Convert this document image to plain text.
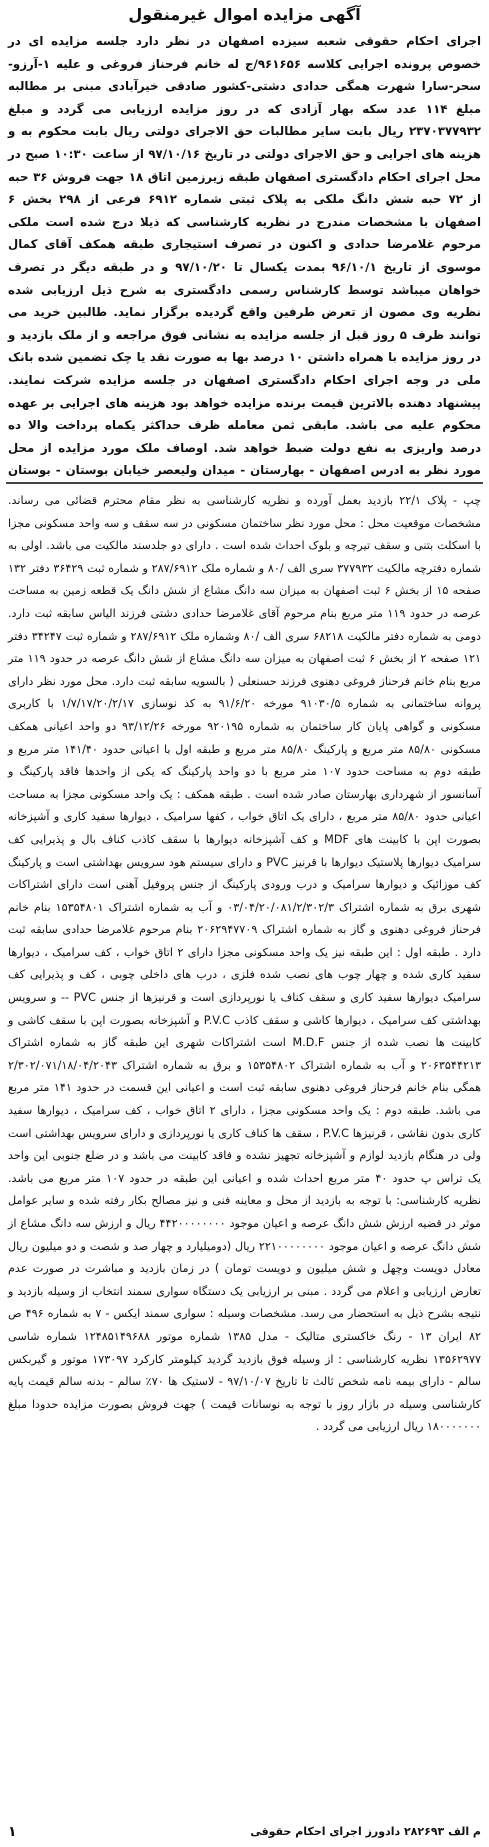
آگهی مزایده اموال غیرمنقول
اجرای احکام حقوقی شعبه سیزده اصفهان در نظر دارد جلسه مزایده ای در خصوص پرونده اجرایی کلاسه ۹۶۱۶۵۶/ج له خانم فرحناز فروغی و علیه ۱-آرزو-سحر-سارا شهرت همگی حدادی دشتی-کشور صادقی خیرآبادی مبنی بر مطالبه مبلغ ۱۱۴ عدد سکه بهار آزادی که در روز مزایده ارزیابی می گردد و مبلغ ۲۳۷۰۳۷۷۹۳۲ ریال بابت سایر مطالبات حق الاجرای دولتی ریال بابت محکوم به و هزینه های اجرایی و حق الاجرای دولتی در تاریخ ۹۷/۱۰/۱۶ از ساعت ۱۰:۳۰ صبح در محل اجرای احکام دادگستری اصفهان طبقه زیرزمین اتاق ۱۸ جهت فروش ۳۶ حبه از ۷۲ حبه شش دانگ ملکی به پلاک ثبتی شماره ۶۹۱۲ فرعی از ۲۹۸ بخش ۶ اصفهان با مشخصات مندرج در نظریه کارشناسی که ذیلا درج شده است ملکی مرحوم غلامرضا حدادی و اکنون در تصرف استیجاری طبقه همکف آقای کمال موسوی از تاریخ ۹۶/۱۰/۱ بمدت یکسال تا ۹۷/۱۰/۲۰ و در طبقه دیگر در تصرف خواهان میباشد توسط کارشناس رسمی دادگستری به شرح ذیل ارزیابی شده نظریه وی مصون از تعرض طرفین واقع گردیده برگزار نماید. طالبین خرید می توانند ظرف ۵ روز قبل از جلسه مزایده به نشانی فوق مراجعه و از ملک بازدید و در روز مزایده با همراه داشتن ۱۰ درصد بها به صورت نقد یا چک تضمین شده بانک ملی در وجه اجرای احکام دادگستری اصفهان در جلسه مزایده شرکت نمایند. پیشنهاد دهنده بالاترین قیمت برنده مزایده خواهد بود هزینه های اجرایی بر عهده محکوم علیه می باشد. مابقی ثمن معامله ظرف حداکثر یکماه پرداخت والا ده درصد واریزی به نفع دولت ضبط خواهد شد. اوصاف ملک مورد مزایده از محل مورد نظر به ادرس اصفهان - بهارستان - میدان ولیعصر خیابان بوستان - بوستان
چپ - پلاک ۲۲/۱ بازدید بعمل آورده و نظریه کارشناسی به نظر مقام محترم قضائی می رساند. مشخصات موقعیت محل : محل مورد نظر ساختمان مسکونی در سه سقف و سه واحد مسکونی مجزا با اسکلت بتنی و سقف تیرچه و بلوک احداث شده است . دارای دو جلدسند مالکیت می باشد. اولی به شماره دفترچه مالکیت ۳۷۷۹۳۲ سری الف /۸۰ و شماره ملک ۲۸۷/۶۹۱۲ و شماره ثبت ۳۶۴۲۹ دفتر ۱۳۲ صفحه ۱۵ از بخش ۶ ثبت اصفهان به میزان سه دانگ مشاع از شش دانگ یک قطعه زمین به مساحت عرصه در حدود ۱۱۹ متر مربع بنام مرحوم آقای غلامرضا حدادی دشتی فرزند الیاس سابقه ثبت دارد. دومی به شماره دفتر مالکیت ۶۸۲۱۸ سری الف /۸۰ وشماره ملک ۲۸۷/۶۹۱۲ و شماره ثبت ۳۴۲۴۷ دفتر ۱۲۱ صفحه ۲ از بخش ۶ ثبت اصفهان به میزان سه دانگ مشاع از شش دانگ عرصه در حدود ۱۱۹ متر مربع بنام خانم فرحناز فروغی دهنوی فرزند حسنعلی ( بالسویه سابقه ثبت دارد. محل مورد نظر دارای پروانه ساختمانی به شماره ۹۱۰۳۰/۵ مورخه ۹۱/۶/۲۰ به کد نوسازی ۱/۷/۱۷/۲۰/۲/۱۷ با کاربری مسکونی و گواهی پایان کار ساختمان به شماره ۹۲۰۱۹۵ مورخه ۹۳/۱۲/۲۶ دو واحد اعیانی همکف مسکونی ۸۵/۸۰ متر مربع و پارکینگ ۸۵/۸۰ متر مربع و طبقه اول با اعیانی حدود ۱۴۱/۴۰ متر مربع و طبقه دوم به مساحت حدود ۱۰۷ متر مربع با دو واحد پارکینگ که یکی از واحدها فاقد پارکینگ و آسانسور از شهرداری بهارستان صادر شده است . طبقه همکف : یک واحد مسکونی مجزا به مساحت اعیانی حدود ۸۵/۸۰ متر مربع ، دارای یک اتاق خواب ، کفها سرامیک ، دیوارها سفید کاری و آشپزخانه بصورت اپن با کابینت های MDF و کف آشپزخانه دیوارها با سقف کاذب کناف بال و پذیرایی کف سرامیک دیوارها پلاستیک دیوارها با قرنیز PVC و دارای سیستم هود سرویس بهداشتی است و پارکینگ کف موزائیک و دیوارها سرامیک و درب ورودی پارکینگ از جنس پروفیل آهنی است دارای اشتراکات شهری برق به شماره اشتراک ۰۳/۰۴/۲۰/۰۸۱/۲/۳۰۲/۳ و آب به شماره اشتراک ۱۵۳۵۴۸۰۱ بنام خانم فرحناز فروغی دهنوی و گاز به شماره اشتراک ۲۰۶۲۹۴۷۷۰۹ بنام مرحوم غلامرضا حدادی سابقه ثبت دارد . طبقه اول : این طبقه نیز یک واحد مسکونی مجزا دارای ۲ اتاق خواب ، کف سرامیک ، دیوارها سفید کاری شده و چهار چوب های نصب شده فلزی ، درب های داخلی چوبی ، کف و پذیرایی کف سرامیک دیوارها سفید کاری و سقف کناف یا نورپردازی است و قرنیزها از جنس PVC -- و سرویس بهداشتی کف سرامیک ، دیوارها کاشی و سقف کاذب P.V.C و آشپزخانه بصورت اپن با سقف کاشی و کابینت ها نصب شده از جنس M.D.F است اشتراکات شهری این طبقه گاز به شماره اشتراک ۲۰۶۳۵۴۴۲۱۳ و آب به شماره اشتراک ۱۵۳۵۴۸۰۲ و برق به شماره اشتراک ۲/۳۰۲/۰۷۱/۱۸/۰۴/۲۰۴۳ همگی بنام خانم فرحناز فروغی دهنوی سابقه ثبت است و اعیانی این قسمت در حدود ۱۴۱ متر مربع می باشد. طبقه دوم : یک واحد مسکونی مجزا ، دارای ۲ اتاق خواب ، کف سرامیک ، دیوارها سفید کاری بدون نقاشی ، قرنیزها P.V.C ، سقف ها کناف کاری یا نورپردازی و دارای سرویس بهداشتی است ولی در هنگام بازدید لوازم و آشپزخانه تجهیز نشده و فاقد کابینت می باشد و در ضلع جنوبی این واحد یک تراس پ حدود ۴۰ متر مربع احداث شده و اعیانی این طبقه در حدود ۱۰۷ متر مربع می باشد. نظریه کارشناسی: با توجه به بازدید از محل و معاینه فنی و نیز مصالح بکار رفته شده و سایر عوامل موثر در قضیه ارزش شش دانگ عرصه و اعیان موجود ۴۴۲۰۰۰۰۰۰۰۰ ریال و ارزش سه دانگ مشاع از شش دانگ عرصه و اعیان موجود ۲۲۱۰۰۰۰۰۰۰۰ ریال (دومیلیارد و چهار صد و شصت و دو میلیون ریال معادل دویست وچهل و شش میلیون و دویست تومان ) در زمان بازدید و مباشرت در صورت عدم تعارض ارزیابی و اعلام می گردد . مبنی بر ارزیابی یک دستگاه سواری سمند انتخاب از وسیله بازدید و نتیجه بشرح ذیل به استحضار می رسد. مشخصات وسیله : سواری سمند ایکس - ۷ به شماره ۴۹۶ ص ۸۲ ایران ۱۳ - رنگ خاکستری متالیک - مدل ۱۳۸۵ شماره موتور ۱۲۴۸۵۱۴۹۶۸۸ شماره شاسی ۱۳۵۶۲۹۷۷ نظریه کارشناسی : از وسیله فوق بازدید گردید کیلومتر کارکرد ۱۷۳۰۹۷ موتور و گیربکس سالم - دارای بیمه نامه شخص ثالث تا تاریخ ۹۷/۱۰/۰۷ - لاستیک ها ۷۰٪ سالم - بدنه سالم قیمت پایه کارشناسی وسیله در بازار روز با توجه به نوسانات قیمت ) جهت فروش بصورت مزایده حدودا مبلغ ۱۸۰۰۰۰۰۰۰ ریال ارزیابی می گردد .
م الف ۲۸۲۶۹۳ دادورز اجرای احکام حقوقی
۱
